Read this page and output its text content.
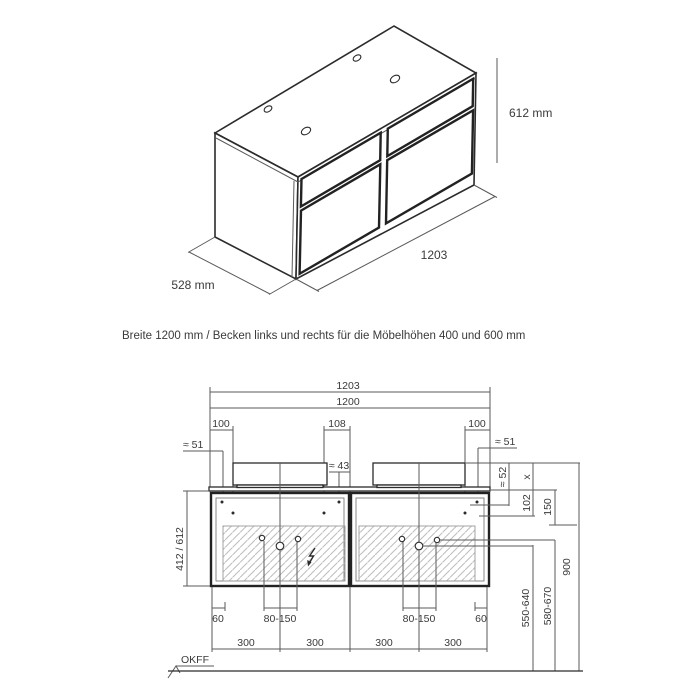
612 mm
1203
528 mm
Breite 1200 mm / Becken links und rechts für die Möbelhöhen 400 und 600 mm
1203
1200
100	108	100
≈ 51
≈ 43
≈ 51
412 / 612
≈ 52 x
102 150
900
550-640 580-670
60	80-150	80-150	60
300	300	300	300
OKFF
